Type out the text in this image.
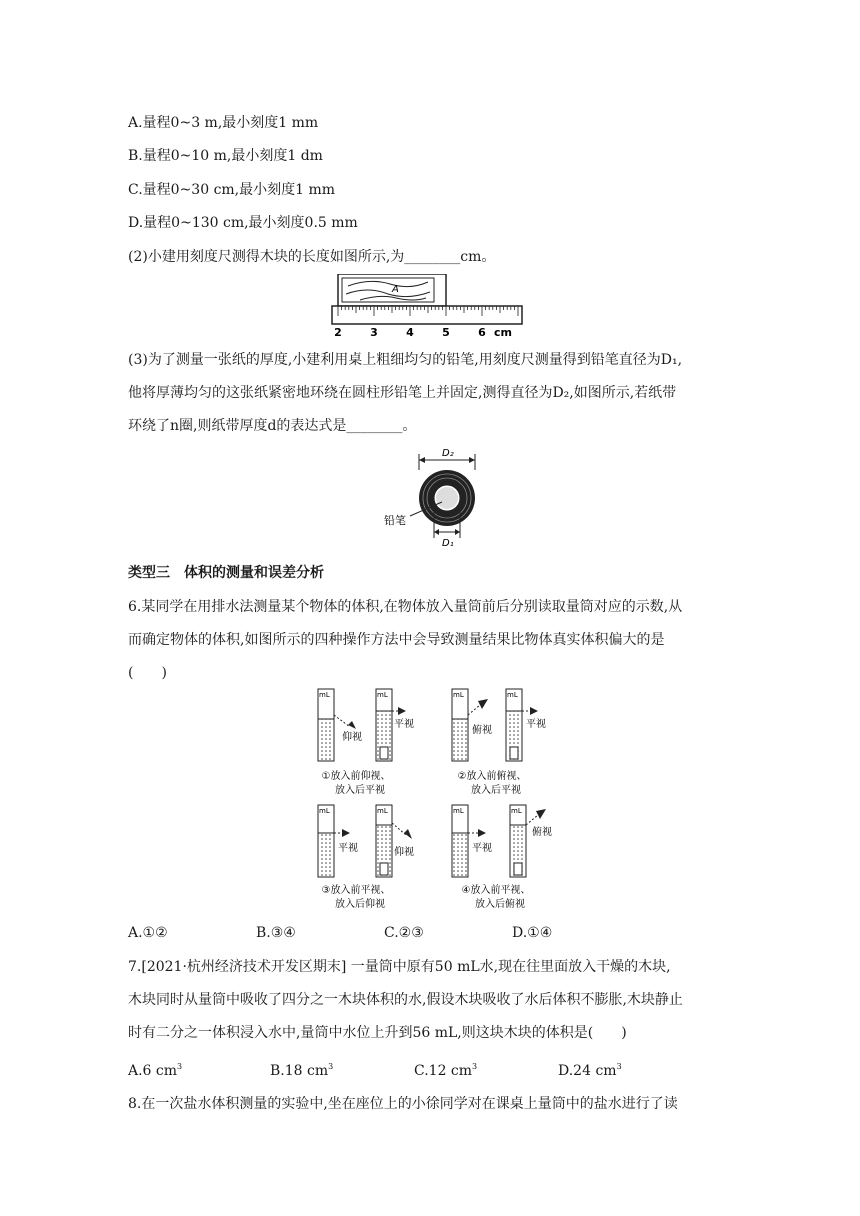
A.量程0~3 m,最小刻度1 mm
B.量程0~10 m,最小刻度1 dm
C.量程0~30 cm,最小刻度1 mm
D.量程0~130 cm,最小刻度0.5 mm
(2)小建用刻度尺测得木块的长度如图所示,为________cm。
A
2	3	4	5	6 cm
(3)为了测量一张纸的厚度,小建利用桌上粗细均匀的铅笔,用刻度尺测量得到铅笔直径为D₁,
他将厚薄均匀的这张纸紧密地环绕在圆柱形铅笔上并固定,测得直径为D₂,如图所示,若纸带
环绕了n圈,则纸带厚度d的表达式是________。
D₂
铅笔
D₁
类型三　体积的测量和误差分析
6.某同学在用排水法测量某个物体的体积,在物体放入量筒前后分别读取量筒对应的示数,从
而确定物体的体积,如图所示的四种操作方法中会导致测量结果比物体真实体积偏大的是
(　　)
mL
仰视
mL
平视
①放入前仰视、
放入后平视
mL
俯视
mL
平视
②放入前俯视、
放入后平视
mL
平视
mL
仰视
③放入前平视、
放入后仰视
mL
平视
mL
俯视
④放入前平视、
放入后俯视
A.①②	B.③④	C.②③	D.①④
7.[2021·杭州经济技术开发区期末] 一量筒中原有50 mL水,现在往里面放入干燥的木块,
木块同时从量筒中吸收了四分之一木块体积的水,假设木块吸收了水后体积不膨胀,木块静止
时有二分之一体积浸入水中,量筒中水位上升到56 mL,则这块木块的体积是(　　)
A.6 $cm^3$	B.18 $cm^3$	C.12 $cm^3$	D.24 $cm^3$
8.在一次盐水体积测量的实验中,坐在座位上的小徐同学对在课桌上量筒中的盐水进行了读
